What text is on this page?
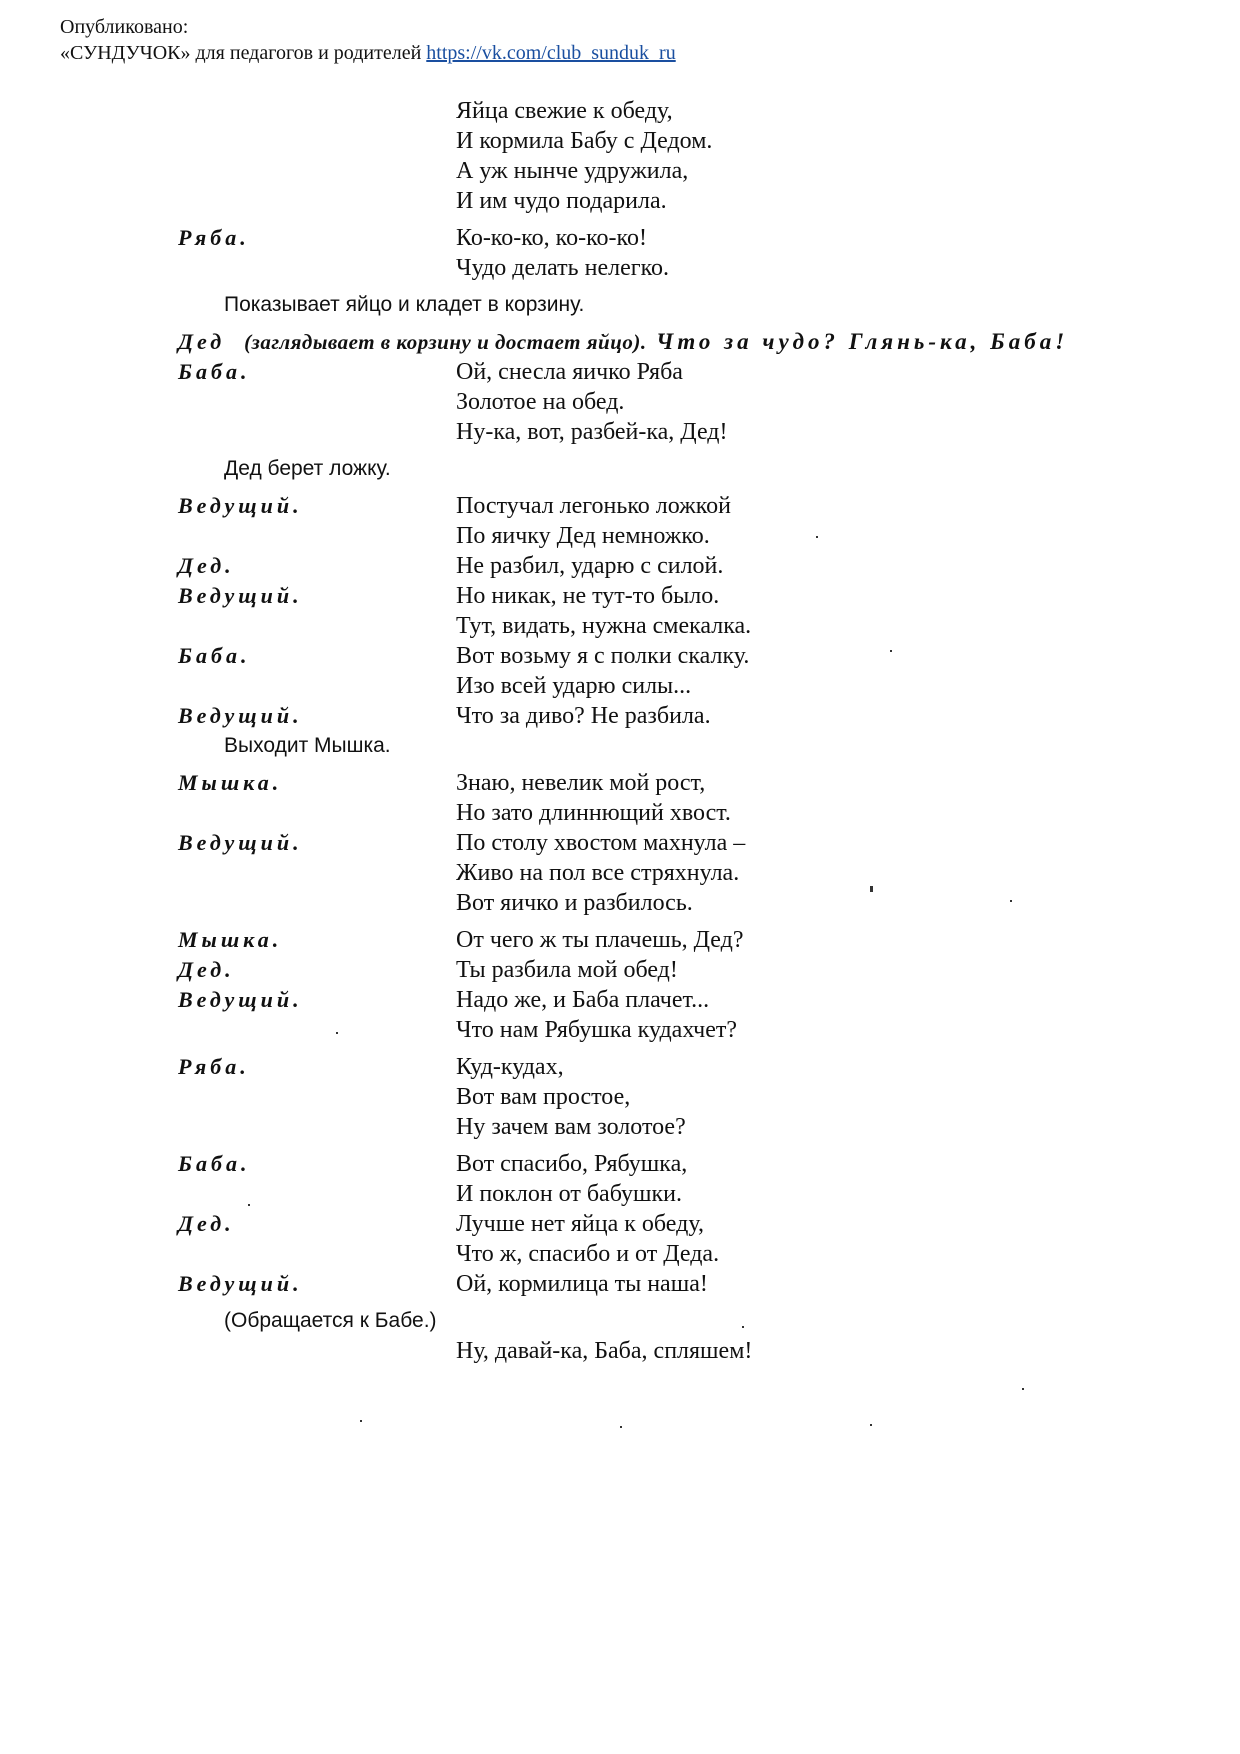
Опубликовано:
«СУНДУЧОК» для педагогов и родителей https://vk.com/club_sunduk_ru
Яйца свежие к обеду,
И кормила Бабу с Дедом.
А уж нынче удружила,
И им чудо подарила.
Ряба.	Ко-ко-ко, ко-ко-ко!
Чудо делать нелегко.
Показывает яйцо и кладет в корзину.
Дед (заглядывает в корзину и достает яйцо). Что за чудо? Глянь-ка, Баба!
Баба.	Ой, снесла яичко Ряба
Золотое на обед.
Ну-ка, вот, разбей-ка, Дед!
Дед берет ложку.
Ведущий.	Постучал легонько ложкой
По яичку Дед немножко.
Дед.	Не разбил, ударю с силой.
Ведущий.	Но никак, не тут-то было.
Тут, видать, нужна смекалка.
Баба.	Вот возьму я с полки скалку.
Изо всей ударю силы...
Ведущий.	Что за диво? Не разбила.
Выходит Мышка.
Мышка.	Знаю, невелик мой рост,
Но зато длиннющий хвост.
Ведущий.	По столу хвостом махнула –
Живо на пол все стряхнула.
Вот яичко и разбилось.
Мышка.	От чего ж ты плачешь, Дед?
Дед.	Ты разбила мой обед!
Ведущий.	Надо же, и Баба плачет...
Что нам Рябушка кудахчет?
Ряба.	Куд-кудах,
Вот вам простое,
Ну зачем вам золотое?
Баба.	Вот спасибо, Рябушка,
И поклон от бабушки.
Дед.	Лучше нет яйца к обеду,
Что ж, спасибо и от Деда.
Ведущий.	Ой, кормилица ты наша!
(Обращается к Бабе.)
Ну, давай-ка, Баба, спляшем!
